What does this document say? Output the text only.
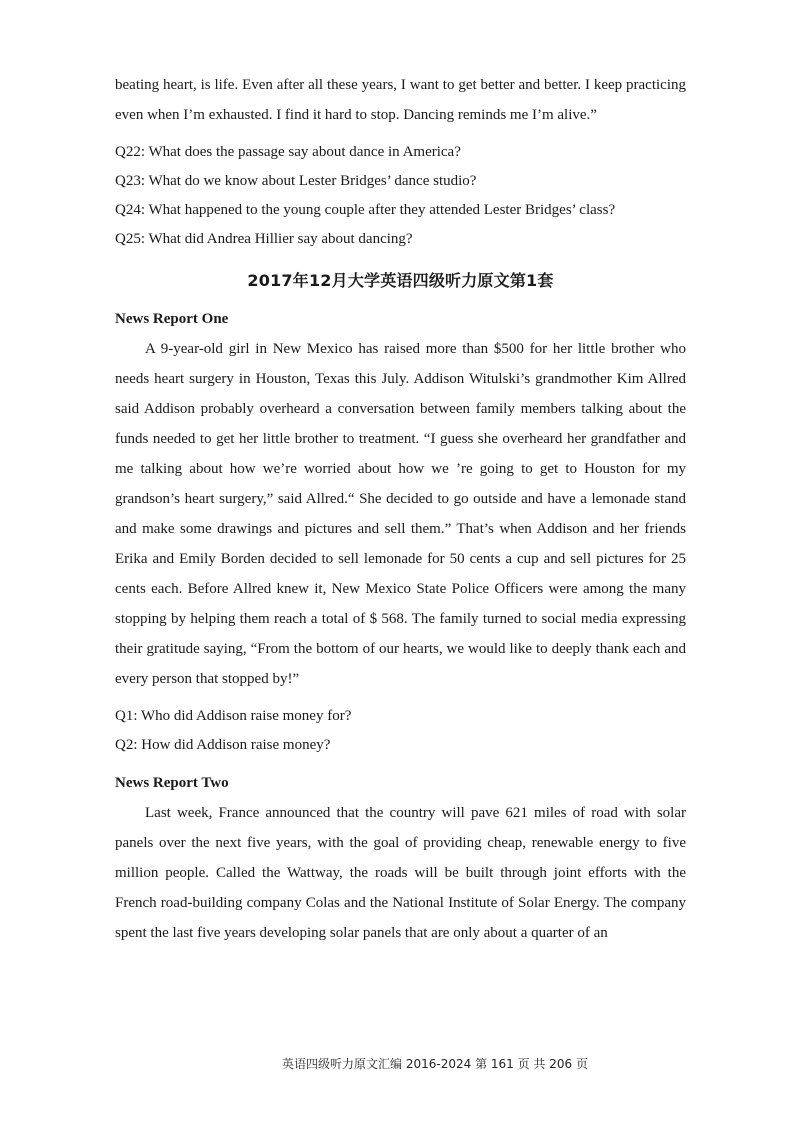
beating heart, is life. Even after all these years, I want to get better and better. I keep practicing even when I’m exhausted. I find it hard to stop. Dancing reminds me I’m alive.”

Q22: What does the passage say about dance in America?

Q23: What do we know about Lester Bridges’ dance studio?

Q24: What happened to the young couple after they attended Lester Bridges’ class?

Q25: What did Andrea Hillier say about dancing?

2017年12月大学英语四级听力原文第1套
News Report One

A 9-year-old girl in New Mexico has raised more than $500 for her little brother who needs heart surgery in Houston, Texas this July. Addison Witulski’s grandmother Kim Allred said Addison probably overheard a conversation between family members talking about the funds needed to get her little brother to treatment. “I guess she overheard her grandfather and me talking about how we’re worried about how we ’re going to get to Houston for my grandson’s heart surgery,” said Allred.“ She decided to go outside and have a lemonade stand and make some drawings and pictures and sell them.” That’s when Addison and her friends Erika and Emily Borden decided to sell lemonade for 50 cents a cup and sell pictures for 25 cents each. Before Allred knew it, New Mexico State Police Officers were among the many stopping by helping them reach a total of $ 568. The family turned to social media expressing their gratitude saying, “From the bottom of our hearts, we would like to deeply thank each and every person that stopped by!”

Q1: Who did Addison raise money for?

Q2: How did Addison raise money?

News Report Two

Last week, France announced that the country will pave 621 miles of road with solar panels over the next five years, with the goal of providing cheap, renewable energy to five million people. Called the Wattway, the roads will be built through joint efforts with the French road-building company Colas and the National Institute of Solar Energy. The company spent the last five years developing solar panels that are only about a quarter of an

英语四级听力原文汇编 2016-2024 第 161 页 共 206 页
